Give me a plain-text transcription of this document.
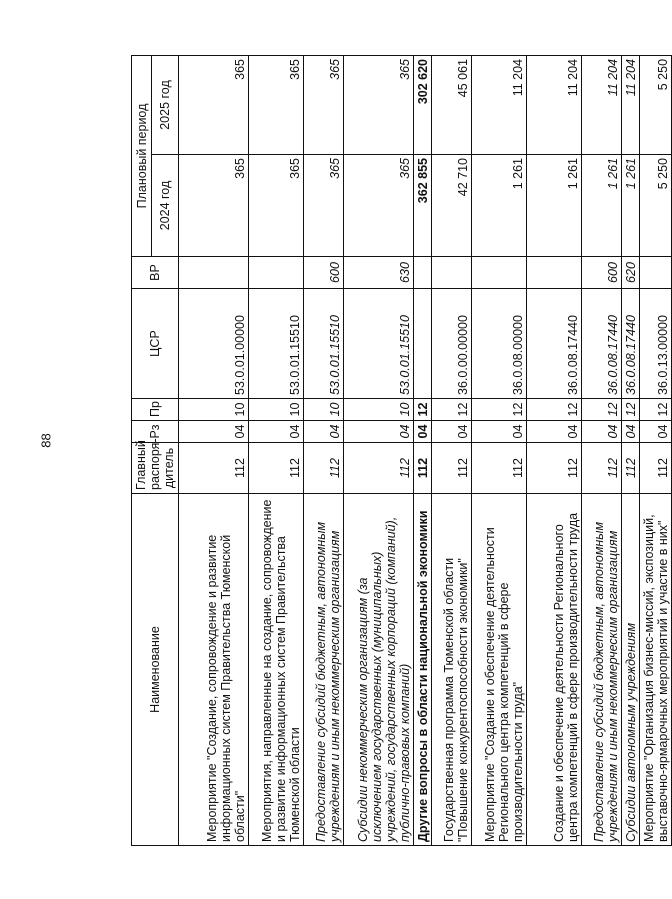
88
Наименование	Главный распоря-дитель	Рз	Пр	ЦСР	ВР	Плановый период	
						2024 год	2025 год
Мероприятие "Создание, сопровождение и развитие информационных систем Правительства Тюменской области"	112	04	10	53.0.01.00000		365	365
Мероприятия, направленные на создание, сопровождение и развитие информационных систем Правительства Тюменской области	112	04	10	53.0.01.15510		365	365
Предоставление субсидий бюджетным, автономным учреждениям и иным некоммерческим организациям	112	04	10	53.0.01.15510	600	365	365
Субсидии некоммерческим организациям (за исключением государственных (муниципальных) учреждений, государственных корпораций (компаний), публично-правовых компаний)	112	04	10	53.0.01.15510	630	365	365
Другие вопросы в области национальной экономики	112	04	12			362 855	302 620
Государственная программа Тюменской области "Повышение конкурентоспособности экономики"	112	04	12	36.0.00.00000		42 710	45 061
Мероприятие "Создание и обеспечение деятельности Регионального центра компетенций в сфере производительности труда"	112	04	12	36.0.08.00000		1 261	11 204
Создание и обеспечение деятельности Регионального центра компетенций в сфере производительности труда	112	04	12	36.0.08.17440		1 261	11 204
Предоставление субсидий бюджетным, автономным учреждениям и иным некоммерческим организациям	112	04	12	36.0.08.17440	600	1 261	11 204
Субсидии автономным учреждениям	112	04	12	36.0.08.17440	620	1 261	11 204
Мероприятие "Организация бизнес-миссий, экспозиций, выставочно-ярмарочных мероприятий и участие в них"	112	04	12	36.0.13.00000		5 250	5 250
